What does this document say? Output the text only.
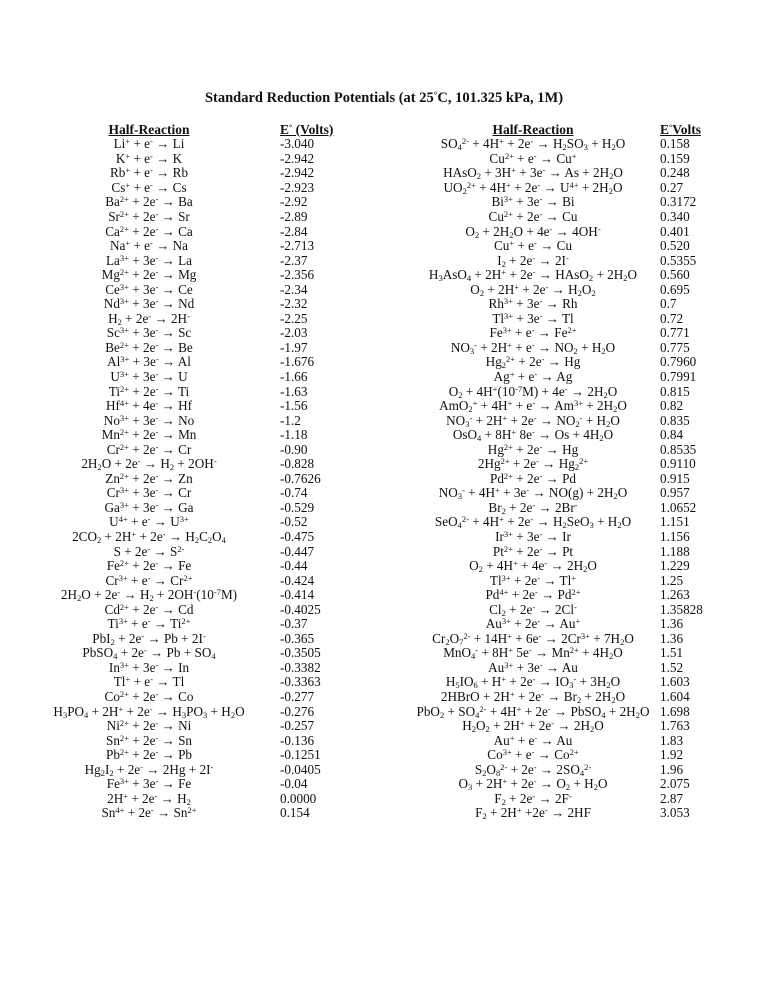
Standard Reduction Potentials (at 25°C, 101.325 kPa, 1M)
Half-Reaction	E° (Volts)
Li+ + e- → Li	-3.040
K+ + e- → K	-2.942
Rb+ + e- → Rb	-2.942
Cs+ + e- → Cs	-2.923
$Ba^{2+} + 2e^- \to Ba$	-2.92
$Sr^{2+} + 2e^- \to Sr$	-2.89
$Ca^{2+} + 2e^- \to Ca$	-2.84
Na+ + e- → Na	-2.713
$La^{3+} + 3e^- \to La$	-2.37
$Mg^{2+} + 2e^- \to Mg$	-2.356
$Ce^{3+} + 3e^- \to Ce$	-2.34
$Nd^{3+} + 3e^- \to Nd$	-2.32
$H_2 + 2e^- \to 2H^-$	-2.25
$Sc^{3+} + 3e^- \to Sc$	-2.03
$Be^{2+} + 2e^- \to Be$	-1.97
$Al^{3+} + 3e^- \to Al$	-1.676
$U^{3+} + 3e^- \to U$	-1.66
$Ti^{2+} + 2e^- \to Ti$	-1.63
$Hf^{4+} + 4e^- \to Hf$	-1.56
$No^{3+} + 3e^- \to No$	-1.2
$Mn^{2+} + 2e^- \to Mn$	-1.18
$Cr^{2+} + 2e^- \to Cr$	-0.90
$2H_2O + 2e^- \to H_2 + 2OH^-$	-0.828
$Zn^{2+} + 2e^- \to Zn$	-0.7626
$Cr^{3+} + 3e^- \to Cr$	-0.74
$Ga^{3+} + 3e^- \to Ga$	-0.529
$U^{4+} + e^- \to U^{3+}$	-0.52
$2CO_2 + 2H^+ + 2e^- \to H_2C_2O_4$	-0.475
$S + 2e^- \to S^{2-}$	-0.447
$Fe^{2+} + 2e^- \to Fe$	-0.44
$Cr^{3+} + e^- \to Cr^{2+}$	-0.424
$2H_2O + 2e^- \to H_2 + 2OH^-(10^{-7}M)$	-0.414
$Cd^{2+} + 2e^- \to Cd$	-0.4025
$Ti^{3+} + e^- \to Ti^{2+}$	-0.37
PbI$_2$ + 2e- → Pb + 2I-	-0.365
PbSO$_4$ + $2e^- \to Pb + SO_4$	-0.3505
$In^{3+} + 3e^- \to In$	-0.3382
Tl+ + e- → Tl	-0.3363
$Co^{2+} + 2e^- \to Co$	-0.277
$H_3PO_4 + 2H^+ + 2e^- \to H_3PO_3 + H_2O$	-0.276
$Ni^{2+} + 2e^- \to Ni$	-0.257
$Sn^{2+} + 2e^- \to Sn$	-0.136
$Pb^{2+} + 2e^- \to Pb$	-0.1251
$Hg_2I_2 + 2e^- \to 2Hg + 2I^-$	-0.0405
$Fe^{3+} + 3e^- \to Fe$	-0.04
$2H^+ + 2e^- \to H_2$	0.0000
$Sn^{4+} + 2e^- \to Sn^{2+}$	0.154
Half-Reaction	E°Volts
$SO_4^{2-} + 4H^+ + 2e^- \to H_2SO_3 + H_2O$	0.158
$Cu^{2+} + e^- \to Cu^+$	0.159
HAsO$_2$ + $3H^+ + 3e^- \to As + 2H_2O$	0.248
$UO_2^{2+} + 4H^+ + 2e^- \to U^{4+} + 2H_2O$	0.27
$Bi^{3+} + 3e^- \to Bi$	0.3172
$Cu^{2+} + 2e^- \to Cu$	0.340
$O_2 + 2H_2O + 4e^- \to 4OH^-$	0.401
Cu+ + e- → Cu	0.520
$I_2 + 2e^- \to 2I^-$	0.5355
$H_3AsO_4 + 2H^+ + 2e^-$ → HAsO$_2$ + $2H_2O$	0.560
$O_2 + 2H^+ + 2e^- \to H_2O_2$	0.695
$Rh^{3+} + 3e^- \to Rh$	0.7
$Tl^{3+} + 3e^- \to Tl$	0.72
$Fe^{3+} + e^- \to Fe^{2+}$	0.771
$NO_3^- + 2H^+ + e^- \to NO_2 + H_2O$	0.775
$Hg_2^{2+} + 2e^- \to Hg$	0.7960
Ag+ + e- → Ag	0.7991
$O_2 + 4H^+(10^{-7}M) + 4e^- \to 2H_2O$	0.815
$AmO_2^+ + 4H^+ + e^- \to Am^{3+} + 2H_2O$	0.82
$NO_3^- + 2H^+ + 2e^- \to NO_2^- + H_2O$	0.835
OsO$_4$ + 8H+ $8e^- \to Os + 4H_2O$	0.84
$Hg^{2+} + 2e^- \to Hg$	0.8535
$2Hg^{2+} + 2e^- \to Hg_2^{2+}$	0.9110
$Pd^{2+} + 2e^- \to Pd$	0.915
$NO_3^- + 4H^+ + 3e^- \to NO(g) + 2H_2O$	0.957
$Br_2 + 2e^- \to 2Br^-$	1.0652
$SeO_4^{2-} + 4H^+ + 2e^- \to H_2SeO_3 + H_2O$	1.151
$Ir^{3+} + 3e^- \to Ir$	1.156
$Pt^{2+} + 2e^- \to Pt$	1.188
$O_2 + 4H^+ + 4e^- \to 2H_2O$	1.229
$Tl^{3+} + 2e^- \to Tl^+$	1.25
$Pd^{4+} + 2e^- \to Pd^{2+}$	1.263
$Cl_2 + 2e^- \to 2Cl^-$	1.35828
$Au^{3+} + 2e^- \to Au^+$	1.36
$Cr_2O_7^{2-} + 14H^+ + 6e^- \to 2Cr^{3+} + 7H_2O$	1.36
MnO$_4$- + 8H+ $5e^- \to Mn^{2+} + 4H_2O$	1.51
$Au^{3+} + 3e^- \to Au$	1.52
$H_5IO_6 + H^+ + 2e^- \to IO_3^- + 3H_2O$	1.603
2HBrO + $2H^+ + 2e^- \to Br_2 + 2H_2O$	1.604
$PbO_2 + SO_4^{2-} + 4H^+ + 2e^-$ → PbSO$_4$ + $2H_2O$	1.698
$H_2O_2 + 2H^+ + 2e^- \to 2H_2O$	1.763
Au+ + e- → Au	1.83
$Co^{3+} + e^- \to Co^{2+}$	1.92
$S_2O_8^{2-} + 2e^- \to 2SO_4^{2-}$	1.96
$O_3 + 2H^+ + 2e^- \to O_2 + H_2O$	2.075
$F_2 + 2e^- \to 2F^-$	2.87
$F_2 + 2H^+ +2e^- \to 2HF$	3.053
